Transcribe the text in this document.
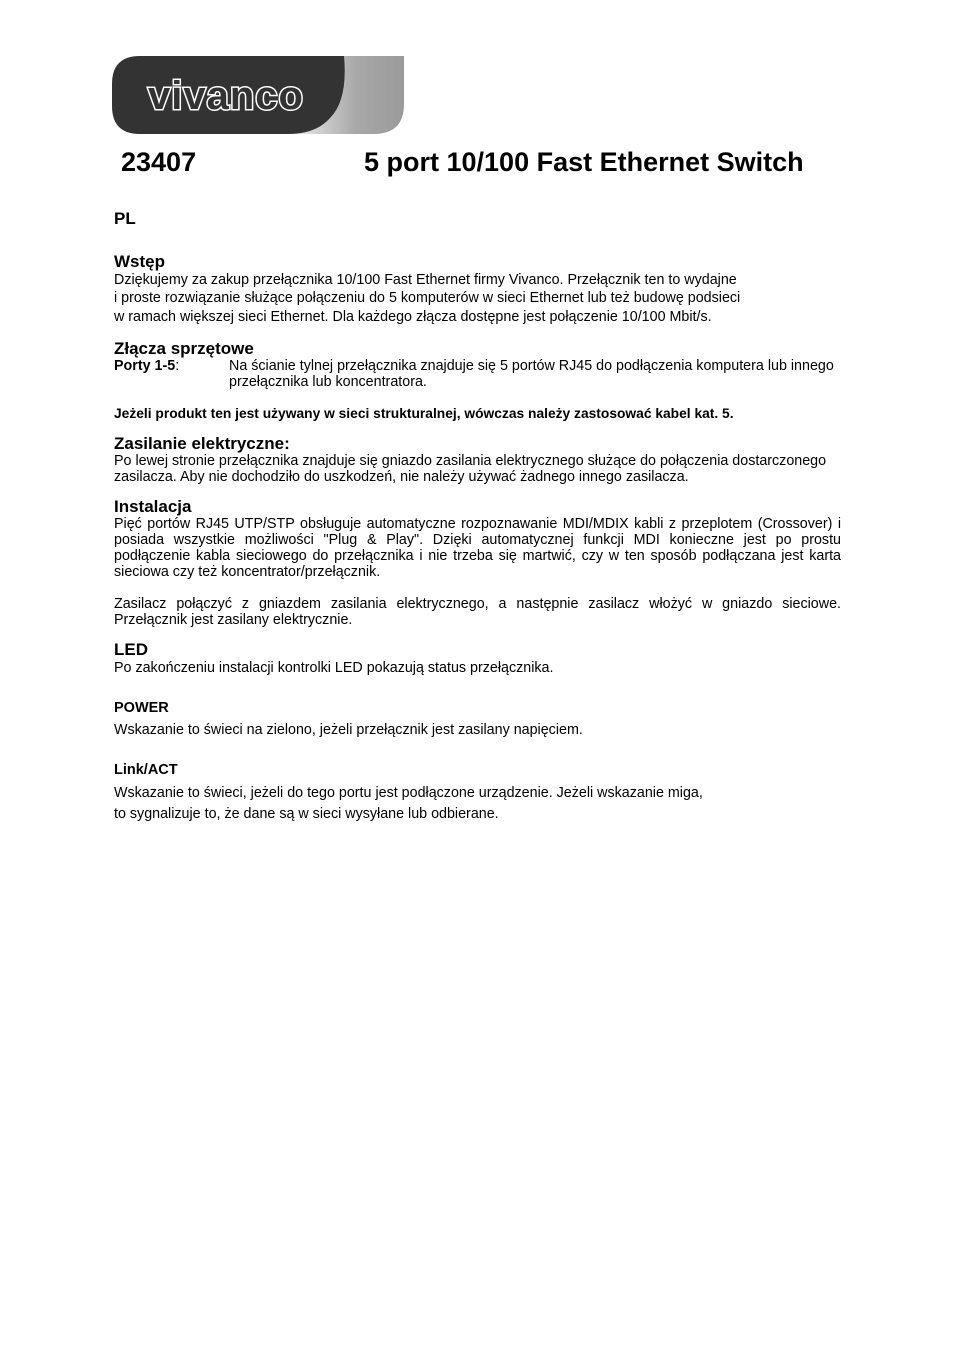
vivanco
23407	5 port 10/100 Fast Ethernet Switch
PL
Wstęp

Dziękujemy za zakup przełącznika 10/100 Fast Ethernet firmy Vivanco. Przełącznik ten to wydajne

i proste rozwiązanie służące połączeniu do 5 komputerów w sieci Ethernet lub też budowę podsieci

w ramach większej sieci Ethernet. Dla każdego złącza dostępne jest połączenie 10/100 Mbit/s.

Złącza sprzętowe
Porty 1-5:	Na ścianie tylnej przełącznika znajduje się 5 portów RJ45 do podłączenia komputera lub innego przełącznika lub koncentratora.

Jeżeli produkt ten jest używany w sieci strukturalnej, wówczas należy zastosować kabel kat. 5.

Zasilanie elektryczne:

Po lewej stronie przełącznika znajduje się gniazdo zasilania elektrycznego służące do połączenia dostarczonego zasilacza. Aby nie dochodziło do uszkodzeń, nie należy używać żadnego innego zasilacza.

Instalacja

Pięć portów RJ45 UTP/STP obsługuje automatyczne rozpoznawanie MDI/MDIX kabli z przeplotem (Crossover) i posiada wszystkie możliwości "Plug & Play". Dzięki automatycznej funkcji MDI konieczne jest po prostu podłączenie kabla sieciowego do przełącznika i nie trzeba się martwić, czy w ten sposób podłączana jest karta sieciowa czy też koncentrator/przełącznik.

Zasilacz połączyć z gniazdem zasilania elektrycznego, a następnie zasilacz włożyć w gniazdo sieciowe. Przełącznik jest zasilany elektrycznie.

LED

Po zakończeniu instalacji kontrolki LED pokazują status przełącznika.

POWER

Wskazanie to świeci na zielono, jeżeli przełącznik jest zasilany napięciem.

Link/ACT

Wskazanie to świeci, jeżeli do tego portu jest podłączone urządzenie. Jeżeli wskazanie miga,

to sygnalizuje to, że dane są w sieci wysyłane lub odbierane.
